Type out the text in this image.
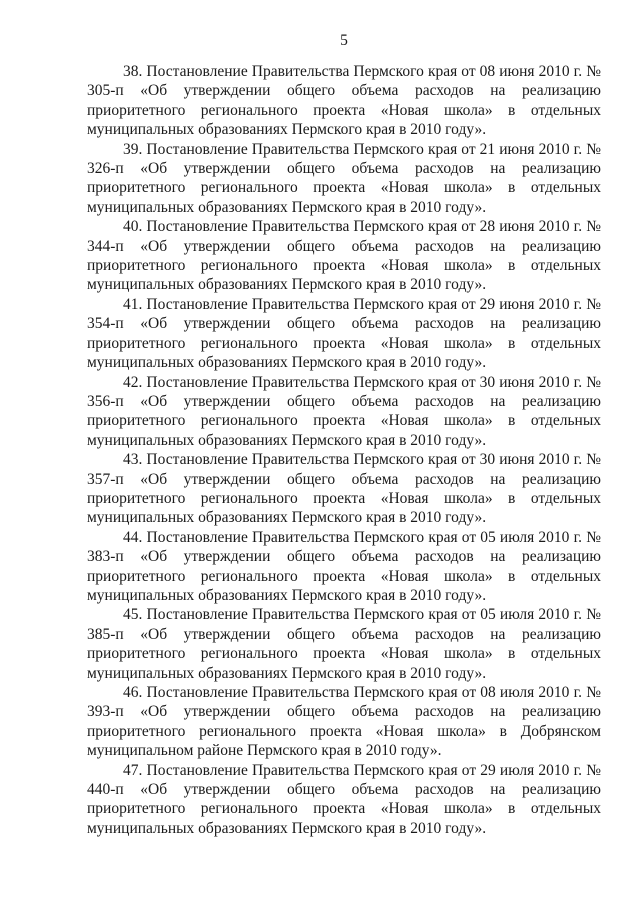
5

38. Постановление Правительства Пермского края от 08 июня 2010 г. № 305-п «Об утверждении общего объема расходов на реализацию приоритетного регионального проекта «Новая школа» в отдельных муниципальных образованиях Пермского края в 2010 году».

39. Постановление Правительства Пермского края от 21 июня 2010 г. № 326-п «Об утверждении общего объема расходов на реализацию приоритетного регионального проекта «Новая школа» в отдельных муниципальных образованиях Пермского края в 2010 году».

40. Постановление Правительства Пермского края от 28 июня 2010 г. № 344-п «Об утверждении общего объема расходов на реализацию приоритетного регионального проекта «Новая школа» в отдельных муниципальных образованиях Пермского края в 2010 году».

41. Постановление Правительства Пермского края от 29 июня 2010 г. № 354-п «Об утверждении общего объема расходов на реализацию приоритетного регионального проекта «Новая школа» в отдельных муниципальных образованиях Пермского края в 2010 году».

42. Постановление Правительства Пермского края от 30 июня 2010 г. № 356-п «Об утверждении общего объема расходов на реализацию приоритетного регионального проекта «Новая школа» в отдельных муниципальных образованиях Пермского края в 2010 году».

43. Постановление Правительства Пермского края от 30 июня 2010 г. № 357-п «Об утверждении общего объема расходов на реализацию приоритетного регионального проекта «Новая школа» в отдельных муниципальных образованиях Пермского края в 2010 году».

44. Постановление Правительства Пермского края от 05 июля 2010 г. № 383-п «Об утверждении общего объема расходов на реализацию приоритетного регионального проекта «Новая школа» в отдельных муниципальных образованиях Пермского края в 2010 году».

45. Постановление Правительства Пермского края от 05 июля 2010 г. № 385-п «Об утверждении общего объема расходов на реализацию приоритетного регионального проекта «Новая школа» в отдельных муниципальных образованиях Пермского края в 2010 году».

46. Постановление Правительства Пермского края от 08 июля 2010 г. № 393-п «Об утверждении общего объема расходов на реализацию приоритетного регионального проекта «Новая школа» в Добрянском муниципальном районе Пермского края в 2010 году».

47. Постановление Правительства Пермского края от 29 июля 2010 г. № 440-п «Об утверждении общего объема расходов на реализацию приоритетного регионального проекта «Новая школа» в отдельных муниципальных образованиях Пермского края в 2010 году».
